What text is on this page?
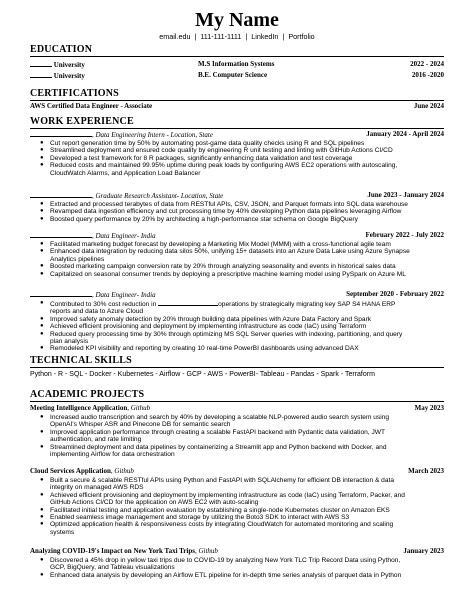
My Name
email.edu | 111-111-1111 | LinkedIn | Portfolio
EDUCATION
University	M.S Information Systems	2022 - 2024
University	B.E. Computer Science	2016 -2020
CERTIFICATIONS
AWS Certified Data Engineer - Associate	June 2024
WORK EXPERIENCE
, Data Engineering Intern - Location, State	January 2024 - April 2024
● Cut report generation time by 50% by automating post-game data quality checks using R and SQL pipelines
● Streamlined deployment and ensured code quality by engineering R unit testing and linting with GitHub Actions CI/CD
● Developed a test framework for 8 R packages, significantly enhancing data validation and test coverage
● Reduced costs and maintained 99.95% uptime during peak loads by configuring AWS EC2 operations with autoscaling,
CloudWatch Alarms, and Application Load Balancer
, Graduate Research Assistant- Location, State	June 2023 - January 2024
● Extracted and processed terabytes of data from RESTful APIs, CSV, JSON, and Parquet formats into SQL data warehouse
● Revamped data ingestion efficiency and cut processing time by 40% developing Python data pipelines leveraging Airflow
● Boosted query performance by 20% by architecting a high-performance star schema on Google BigQuery
, Data Engineer- India	February 2022 - July 2022
● Facilitated marketing budget forecast by developing a Marketing Mix Model (MMM) with a cross-functional agile team
● Enhanced data integration by reducing data silos 50%, unifying 15+ datasets into an Azure Data Lake using Azure Synapse
Analytics pipelines
● Boosted marketing campaign conversion rate by 20% through analyzing seasonality and events in historical sales data
● Capitalized on seasonal consumer trends by deploying a prescriptive machine learning model using PySpark on Azure ML
, Data Engineer- India	September 2020 - February 2022
● Contributed to 30% cost reduction in	operations by strategically migrating key SAP S4 HANA ERP
reports and data to Azure Cloud
● Improved safety anomaly detection by 20% through building data pipelines with Azure Data Factory and Spark
● Achieved efficient provisioning and deployment by implementing infrastructure as code (IaC) using Terraform
● Reduced query processing time by 30% through optimizing MS SQL Server queries with indexing, partitioning, and query
plan analysis
● Remodeled KPI visibility and reporting by creating 10 real-time PowerBI dashboards using advanced DAX
TECHNICAL SKILLS
Python - R - SQL - Docker - Kubernetes - Airflow - GCP - AWS - PowerBI- Tableau - Pandas - Spark - Terraform
ACADEMIC PROJECTS
Meeting Intelligence Application, Github	May 2023
● Increased audio transcription and search by 40% by developing a scalable NLP-powered audio search system using
OpenAI's Whisper ASR and Pinecone DB for semantic search
● Improved application performance through creating a scalable FastAPI backend with Pydantic data validation, JWT
authentication, and rate limiting
● Streamlined deployment and data pipelines by containerizing a Streamlit app and Python backend with Docker, and
implementing Airflow for data orchestration
Cloud Services Application, Github	March 2023
● Built a secure & scalable RESTful APIs using Python and FastAPI with SQLAlchemy for efficient DB interaction & data
integrity on managed AWS RDS
● Achieved efficient provisioning and deployment by implementing infrastructure as code (IaC) using Terraform, Packer, and
GitHub Actions CI/CD for the application on AWS EC2 with auto-scaling
● Facilitated initial testing and application evaluation by establishing a single-node Kubernetes cluster on Amazon EKS
● Enabled seamless image management and storage by utilizing the Boto3 SDK to interact with AWS S3
● Optimized application health & responsiveness costs by integrating CloudWatch for automated monitoring and scaling
systems
Analyzing COVID-19's Impact on New York Taxi Trips, Github	January 2023
● Discovered a 45% drop in yellow taxi trips due to COVID-19 by analyzing New York TLC Trip Record Data using Python,
GCP, BigQuery, and Tableau visualizations
● Enhanced data analysis by developing an Airflow ETL pipeline for in-depth time series analysis of parquet data in Python
